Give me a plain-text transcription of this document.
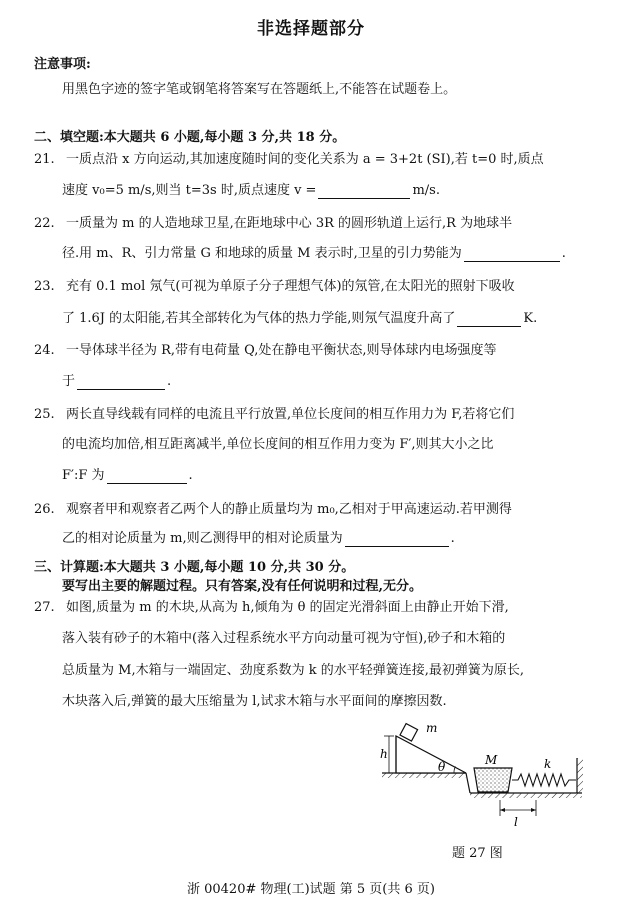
非选择题部分
注意事项:
用黑色字迹的签字笔或钢笔将答案写在答题纸上,不能答在试题卷上。
二、填空题:本大题共 6 小题,每小题 3 分,共 18 分。
21. 一质点沿 x 方向运动,其加速度随时间的变化关系为 a = 3+2t (SI),若 t=0 时,质点
速度 v₀=5 m/s,则当 t=3s 时,质点速度 v =	m/s.
22. 一质量为 m 的人造地球卫星,在距地球中心 3R 的圆形轨道上运行,R 为地球半
径.用 m、R、引力常量 G 和地球的质量 M 表示时,卫星的引力势能为	.
23. 充有 0.1 mol 氖气(可视为单原子分子理想气体)的氖管,在太阳光的照射下吸收
了 1.6J 的太阳能,若其全部转化为气体的热力学能,则氖气温度升高了	K.
24. 一导体球半径为 R,带有电荷量 Q,处在静电平衡状态,则导体球内电场强度等
于	.
25. 两长直导线载有同样的电流且平行放置,单位长度间的相互作用力为 F,若将它们
的电流均加倍,相互距离减半,单位长度间的相互作用力变为 F′,则其大小之比
F′:F 为	.
26. 观察者甲和观察者乙两个人的静止质量均为 m₀,乙相对于甲高速运动.若甲测得
乙的相对论质量为 m,则乙测得甲的相对论质量为	.
三、计算题:本大题共 3 小题,每小题 10 分,共 30 分。
要写出主要的解题过程。只有答案,没有任何说明和过程,无分。
27. 如图,质量为 m 的木块,从高为 h,倾角为 θ 的固定光滑斜面上由静止开始下滑,
落入装有砂子的木箱中(落入过程系统水平方向动量可视为守恒),砂子和木箱的
总质量为 M,木箱与一端固定、劲度系数为 k 的水平轻弹簧连接,最初弹簧为原长,
木块落入后,弹簧的最大压缩量为 l,试求木箱与水平面间的摩擦因数.
h
m
θ	M	k
l
题 27 图
浙 00420# 物理(工)试题 第 5 页(共 6 页)
